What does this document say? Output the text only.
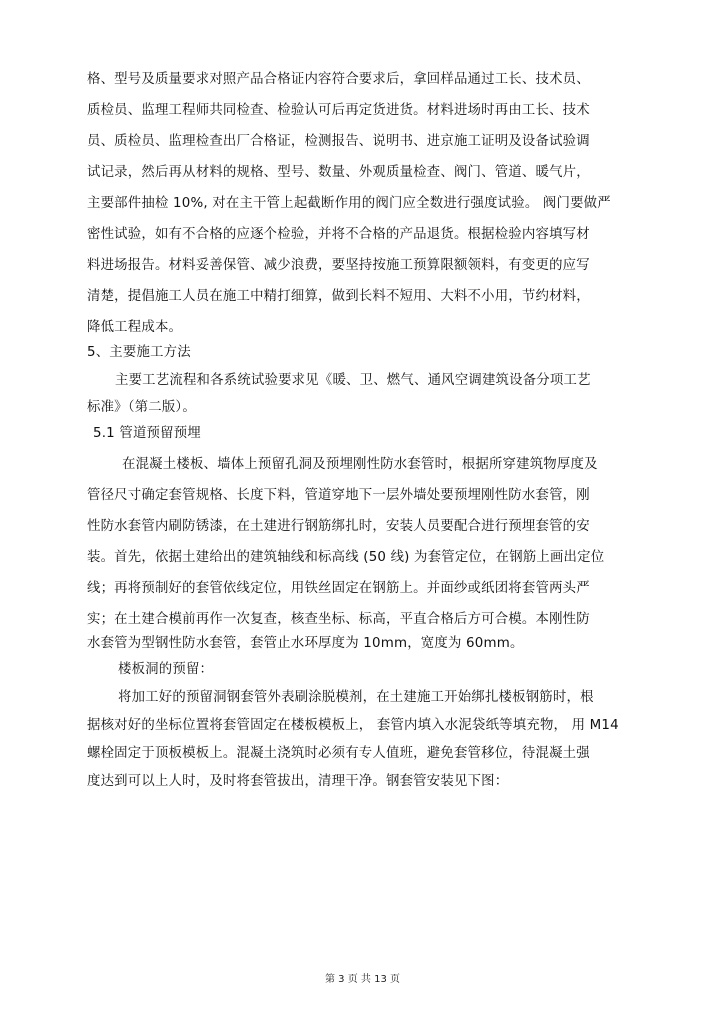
格、型号及质量要求对照产品合格证内容符合要求后，拿回样品通过工长、技术员、
质检员、监理工程师共同检查、检验认可后再定货进货。材料进场时再由工长、技术
员、质检员、监理检查出厂合格证，检测报告、说明书、进京施工证明及设备试验调
试记录，然后再从材料的规格、型号、数量、外观质量检查、阀门、管道、暖气片，
主要部件抽检 10%, 对在主干管上起截断作用的阀门应全数进行强度试验。 阀门要做严
密性试验，如有不合格的应逐个检验，并将不合格的产品退货。根据检验内容填写材
料进场报告。材料妥善保管、减少浪费，要坚持按施工预算限额领料，有变更的应写
清楚，提倡施工人员在施工中精打细算，做到长料不短用、大料不小用，节约材料，
降低工程成本。
5、主要施工方法
主要工艺流程和各系统试验要求见《暖、卫、燃气、通风空调建筑设备分项工艺
标准》（第二版）。
5.1 管道预留预埋
在混凝土楼板、墙体上预留孔洞及预埋刚性防水套管时，根据所穿建筑物厚度及
管径尺寸确定套管规格、长度下料，管道穿地下一层外墙处要预埋刚性防水套管，刚
性防水套管内刷防锈漆，在土建进行钢筋绑扎时，安装人员要配合进行预埋套管的安
装。首先，依据土建给出的建筑轴线和标高线 (50 线) 为套管定位，在钢筋上画出定位
线；再将预制好的套管依线定位，用铁丝固定在钢筋上。并面纱或纸团将套管两头严
实；在土建合模前再作一次复查，核查坐标、标高，平直合格后方可合模。本刚性防
水套管为型钢性防水套管，套管止水环厚度为 10mm，宽度为 60mm。
楼板洞的预留：
将加工好的预留洞钢套管外表刷涂脱模剂，在土建施工开始绑扎楼板钢筋时，根
据核对好的坐标位置将套管固定在楼板模板上， 套管内填入水泥袋纸等填充物， 用 M14
螺栓固定于顶板模板上。混凝土浇筑时必须有专人值班，避免套管移位，待混凝土强
度达到可以上人时，及时将套管拔出，清理干净。钢套管安装见下图：
第 3 页 共 13 页
